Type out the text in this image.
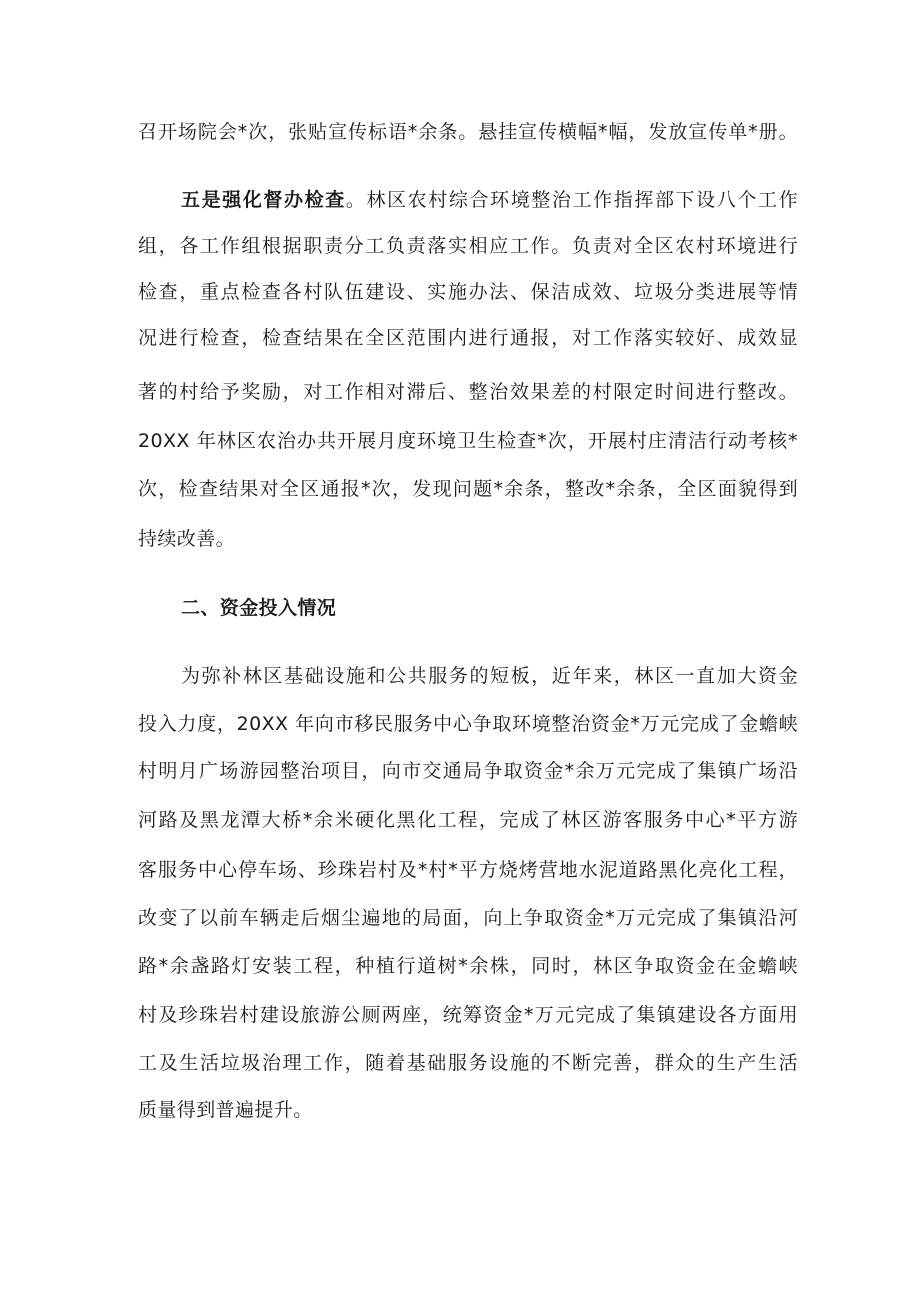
召开场院会*次，张贴宣传标语*余条。悬挂宣传横幅*幅，发放宣传单*册。
五是强化督办检查。林区农村综合环境整治工作指挥部下设八个工作
组，各工作组根据职责分工负责落实相应工作。负责对全区农村环境进行
检查，重点检查各村队伍建设、实施办法、保洁成效、垃圾分类进展等情
况进行检查，检查结果在全区范围内进行通报，对工作落实较好、成效显
著的村给予奖励，对工作相对滞后、整治效果差的村限定时间进行整改。
20XX 年林区农治办共开展月度环境卫生检查*次，开展村庄清洁行动考核*
次，检查结果对全区通报*次，发现问题*余条，整改*余条，全区面貌得到
持续改善。
二、资金投入情况
为弥补林区基础设施和公共服务的短板，近年来，林区一直加大资金
投入力度，20XX 年向市移民服务中心争取环境整治资金*万元完成了金蟾峡
村明月广场游园整治项目，向市交通局争取资金*余万元完成了集镇广场沿
河路及黑龙潭大桥*余米硬化黑化工程，完成了林区游客服务中心*平方游
客服务中心停车场、珍珠岩村及*村*平方烧烤营地水泥道路黑化亮化工程，
改变了以前车辆走后烟尘遍地的局面，向上争取资金*万元完成了集镇沿河
路*余盏路灯安装工程，种植行道树*余株，同时，林区争取资金在金蟾峡
村及珍珠岩村建设旅游公厕两座，统筹资金*万元完成了集镇建设各方面用
工及生活垃圾治理工作，随着基础服务设施的不断完善，群众的生产生活
质量得到普遍提升。
